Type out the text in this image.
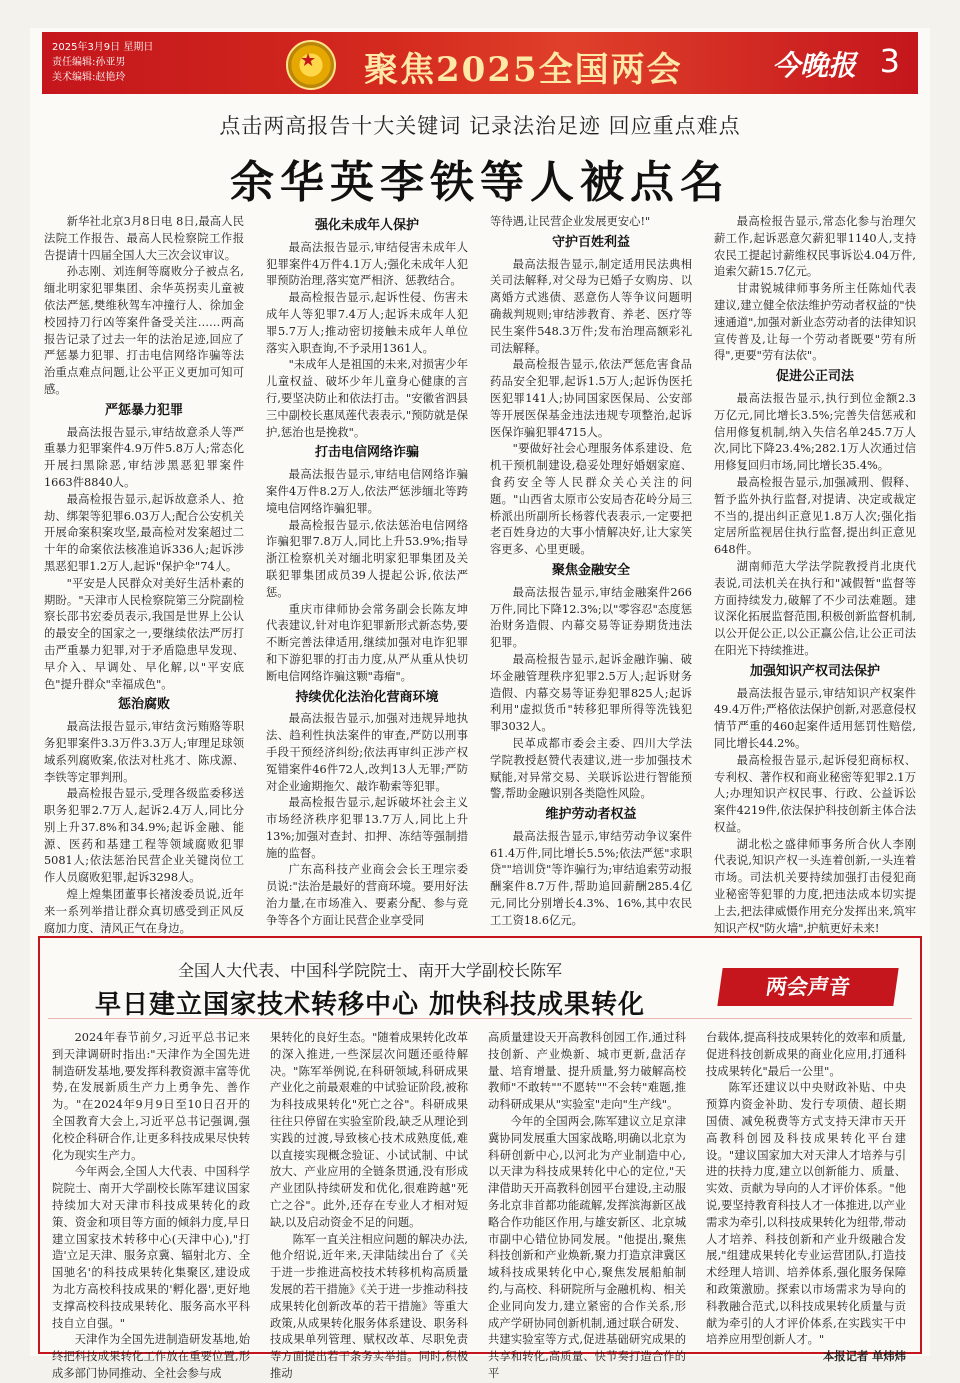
2025年3月9日 星期日
责任编辑:孙亚男
美术编辑:赵艳玲
★ 聚焦2025全国两会	今晚报 3
点击两高报告十大关键词 记录法治足迹 回应重点难点
余华英李铁等人被点名

新华社北京3月8日电 8日,最高人民法院工作报告、最高人民检察院工作报告提请十四届全国人大三次会议审议。

孙志刚、刘连舸等腐败分子被点名,缅北明家犯罪集团、余华英拐卖儿童被依法严惩,樊维秋驾车冲撞行人、徐加金校园持刀行凶等案件备受关注……两高报告记录了过去一年的法治足迹,回应了严惩暴力犯罪、打击电信网络诈骗等法治重点难点问题,让公平正义更加可知可感。

严惩暴力犯罪

最高法报告显示,审结故意杀人等严重暴力犯罪案件4.9万件5.8万人;常态化开展扫黑除恶,审结涉黑恶犯罪案件1663件8840人。

最高检报告显示,起诉故意杀人、抢劫、绑架等犯罪6.03万人;配合公安机关开展命案积案攻坚,最高检对发案超过二十年的命案依法核准追诉336人;起诉涉黑恶犯罪1.2万人,起诉"保护伞"74人。

"平安是人民群众对美好生活朴素的期盼。"天津市人民检察院第三分院副检察长邵书宏委员表示,我国是世界上公认的最安全的国家之一,要继续依法严厉打击严重暴力犯罪,对于矛盾隐患早发现、早介入、早调处、早化解,以"平安底色"提升群众"幸福成色"。

惩治腐败

最高法报告显示,审结贪污贿赂等职务犯罪案件3.3万件3.3万人;审理足球领域系列腐败案,依法对杜兆才、陈戌源、李铁等定罪判刑。

最高检报告显示,受理各级监委移送职务犯罪2.7万人,起诉2.4万人,同比分别上升37.8%和34.9%;起诉金融、能源、医药和基建工程等领域腐败犯罪5081人;依法惩治民营企业关键岗位工作人员腐败犯罪,起诉3298人。

煌上煌集团董事长褚浚委员说,近年来一系列举措让群众真切感受到正风反腐加力度、清风正气在身边。

强化未成年人保护

最高法报告显示,审结侵害未成年人犯罪案件4万件4.1万人;强化未成年人犯罪预防治理,落实宽严相济、惩教结合。

最高检报告显示,起诉性侵、伤害未成年人等犯罪7.4万人;起诉未成年人犯罪5.7万人;推动密切接触未成年人单位落实入职查询,不予录用1361人。

"未成年人是祖国的未来,对损害少年儿童权益、破坏少年儿童身心健康的言行,要坚决防止和依法打击。"安徽省泗县三中副校长惠凤莲代表表示,"预防就是保护,惩治也是挽救"。

打击电信网络诈骗

最高法报告显示,审结电信网络诈骗案件4万件8.2万人,依法严惩涉缅北等跨境电信网络诈骗犯罪。

最高检报告显示,依法惩治电信网络诈骗犯罪7.8万人,同比上升53.9%;指导浙江检察机关对缅北明家犯罪集团及关联犯罪集团成员39人提起公诉,依法严惩。

重庆市律师协会常务副会长陈友坤代表建议,针对电诈犯罪新形式新态势,要不断完善法律适用,继续加强对电诈犯罪和下游犯罪的打击力度,从严从重从快切断电信网络诈骗这颗"毒瘤"。

持续优化法治化营商环境

最高法报告显示,加强对违规异地执法、趋利性执法案件的审查,严防以刑事手段干预经济纠纷;依法再审纠正涉产权冤错案件46件72人,改判13人无罪;严防对企业逾期拖欠、敲诈勒索等犯罪。

最高检报告显示,起诉破坏社会主义市场经济秩序犯罪13.7万人,同比上升13%;加强对查封、扣押、冻结等强制措施的监督。

广东高科技产业商会会长王理宗委员说:"法治是最好的营商环境。要用好法治力量,在市场准入、要素分配、参与竞争等各个方面让民营企业享受同

等待遇,让民营企业发展更安心!"

守护百姓利益

最高法报告显示,制定适用民法典相关司法解释,对父母为已婚子女购房、以离婚方式逃债、恶意伤人等争议问题明确裁判规则;审结涉教育、养老、医疗等民生案件548.3万件;发布治理高额彩礼司法解释。

最高检报告显示,依法严惩危害食品药品安全犯罪,起诉1.5万人;起诉伪医托医犯罪141人;协同国家医保局、公安部等开展医保基金违法违规专项整治,起诉医保诈骗犯罪4715人。

"要做好社会心理服务体系建设、危机干预机制建设,稳妥处理好婚姻家庭、食药安全等人民群众关心关注的问题。"山西省太原市公安局杏花岭分局三桥派出所副所长杨蓉代表表示,一定要把老百姓身边的大事小情解决好,让大家笑容更多、心里更暖。

聚焦金融安全

最高法报告显示,审结金融案件266万件,同比下降12.3%;以"零容忍"态度惩治财务造假、内幕交易等证券期货违法犯罪。

最高检报告显示,起诉金融诈骗、破坏金融管理秩序犯罪2.5万人;起诉财务造假、内幕交易等证券犯罪825人;起诉利用"虚拟货币"转移犯罪所得等洗钱犯罪3032人。

民革成都市委会主委、四川大学法学院教授赵赞代表建议,进一步加强技术赋能,对异常交易、关联诉讼进行智能预警,帮助金融识别各类隐性风险。

维护劳动者权益

最高法报告显示,审结劳动争议案件61.4万件,同比增长5.5%;依法严惩"求职贷""培训贷"等诈骗行为;审结追索劳动报酬案件8.7万件,帮助追回薪酬285.4亿元,同比分别增长4.3%、16%,其中农民工工资18.6亿元。

最高检报告显示,常态化参与治理欠薪工作,起诉恶意欠薪犯罪1140人,支持农民工提起讨薪维权民事诉讼4.04万件,追索欠薪15.7亿元。

甘肃锐城律师事务所主任陈灿代表建议,建立健全依法维护劳动者权益的"快速通道",加强对新业态劳动者的法律知识宣传普及,让每一个劳动者既要"劳有所得",更要"劳有法依"。

促进公正司法

最高法报告显示,执行到位金额2.3万亿元,同比增长3.5%;完善失信惩戒和信用修复机制,纳入失信名单245.7万人次,同比下降23.4%;282.1万人次通过信用修复回归市场,同比增长35.4%。

最高检报告显示,加强减刑、假释、暂予监外执行监督,对提请、决定或裁定不当的,提出纠正意见1.8万人次;强化指定居所监视居住执行监督,提出纠正意见648件。

湖南师范大学法学院教授肖北庚代表说,司法机关在执行和"减假暂"监督等方面持续发力,破解了不少司法难题。建议深化拓展监督范围,积极创新监督机制,以公开促公正,以公正赢公信,让公正司法在阳光下持续推进。

加强知识产权司法保护

最高法报告显示,审结知识产权案件49.4万件;严格依法保护创新,对恶意侵权情节严重的460起案件适用惩罚性赔偿,同比增长44.2%。

最高检报告显示,起诉侵犯商标权、专利权、著作权和商业秘密等犯罪2.1万人;办理知识产权民事、行政、公益诉讼案件4219件,依法保护科技创新主体合法权益。

湖北松之盛律师事务所合伙人李刚代表说,知识产权一头连着创新,一头连着市场。司法机关要持续加强打击侵犯商业秘密等犯罪的力度,把违法成本切实提上去,把法律威慑作用充分发挥出来,筑牢知识产权"防火墙",护航更好未来!

全国人大代表、中国科学院院士、南开大学副校长陈军
早日建立国家技术转移中心 加快科技成果转化
两会声音

2024年春节前夕,习近平总书记来到天津调研时指出:"天津作为全国先进制造研发基地,要发挥科教资源丰富等优势,在发展新质生产力上勇争先、善作为。"在2024年9月9日至10日召开的全国教育大会上,习近平总书记强调,强化校企科研合作,让更多科技成果尽快转化为现实生产力。

今年两会,全国人大代表、中国科学院院士、南开大学副校长陈军建议国家持续加大对天津市科技成果转化的政策、资金和项目等方面的倾斜力度,早日建立国家技术转移中心(天津中心),"打造'立足天津、服务京冀、辐射北方、全国驰名'的科技成果转化集聚区,建设成为北方高校科技成果的'孵化器',更好地支撑高校科技成果转化、服务高水平科技自立自强。"

天津作为全国先进制造研发基地,始终把科技成果转化工作放在重要位置,形成多部门协同推动、全社会参与成

果转化的良好生态。"随着成果转化改革的深入推进,一些深层次问题还亟待解决。"陈军举例说,在科研领域,科研成果产业化之前最艰难的中试验证阶段,被称为科技成果转化"死亡之谷"。科研成果往往只停留在实验室阶段,缺乏从理论到实践的过渡,导致核心技术成熟度低,难以直接实现概念验证、小试试制、中试放大、产业应用的全链条贯通,没有形成产业团队持续研发和优化,很难跨越"死亡之谷"。此外,还存在专业人才相对短缺,以及启动资金不足的问题。

陈军一直关注相应问题的解决办法,他介绍说,近年来,天津陆续出台了《关于进一步推进高校技术转移机构高质量发展的若干措施》《关于进一步推动科技成果转化创新改革的若干措施》等重大政策,从成果转化服务体系建设、职务科技成果单列管理、赋权改革、尽职免责等方面提出若干条务实举措。同时,积极推动

高质量建设天开高教科创园工作,通过科技创新、产业焕新、城市更新,盘活存量、培育增量、提升质量,努力破解高校教师"不敢转""不愿转""不会转"难题,推动科研成果从"实验室"走向"生产线"。

今年的全国两会,陈军建议立足京津冀协同发展重大国家战略,明确以北京为科研创新中心,以河北为产业制造中心,以天津为科技成果转化中心的定位,"天津借助天开高教科创园平台建设,主动服务北京非首都功能疏解,发挥滨海新区战略合作功能区作用,与雄安新区、北京城市副中心错位协同发展。"他提出,聚焦科技创新和产业焕新,聚力打造京津冀区域科技成果转化中心,聚焦发展船舶制约,与高校、科研院所与金融机构、相关企业同向发力,建立紧密的合作关系,形成产学研协同创新机制,通过联合研发、共建实验室等方式,促进基础研究成果的共享和转化,高质量、快节奏打造合作的平

台载体,提高科技成果转化的效率和质量,促进科技创新成果的商业化应用,打通科技成果转化"最后一公里"。

陈军还建议以中央财政补贴、中央预算内资金补助、发行专项债、超长期国债、减免税费等方式支持天津市天开高教科创园及科技成果转化平台建设。"建议国家加大对天津人才培养与引进的扶持力度,建立以创新能力、质量、实效、贡献为导向的人才评价体系。"他说,要坚持教育科技人才一体推进,以产业需求为牵引,以科技成果转化为纽带,带动人才培养、科技创新和产业升级融合发展,"组建成果转化专业运营团队,打造技术经理人培训、培养体系,强化服务保障和政策激励。探索以市场需求为导向的科教融合范式,以科技成果转化质量与贡献为牵引的人才评价体系,在实践实干中培养应用型创新人才。"

本报记者 单炜炜
